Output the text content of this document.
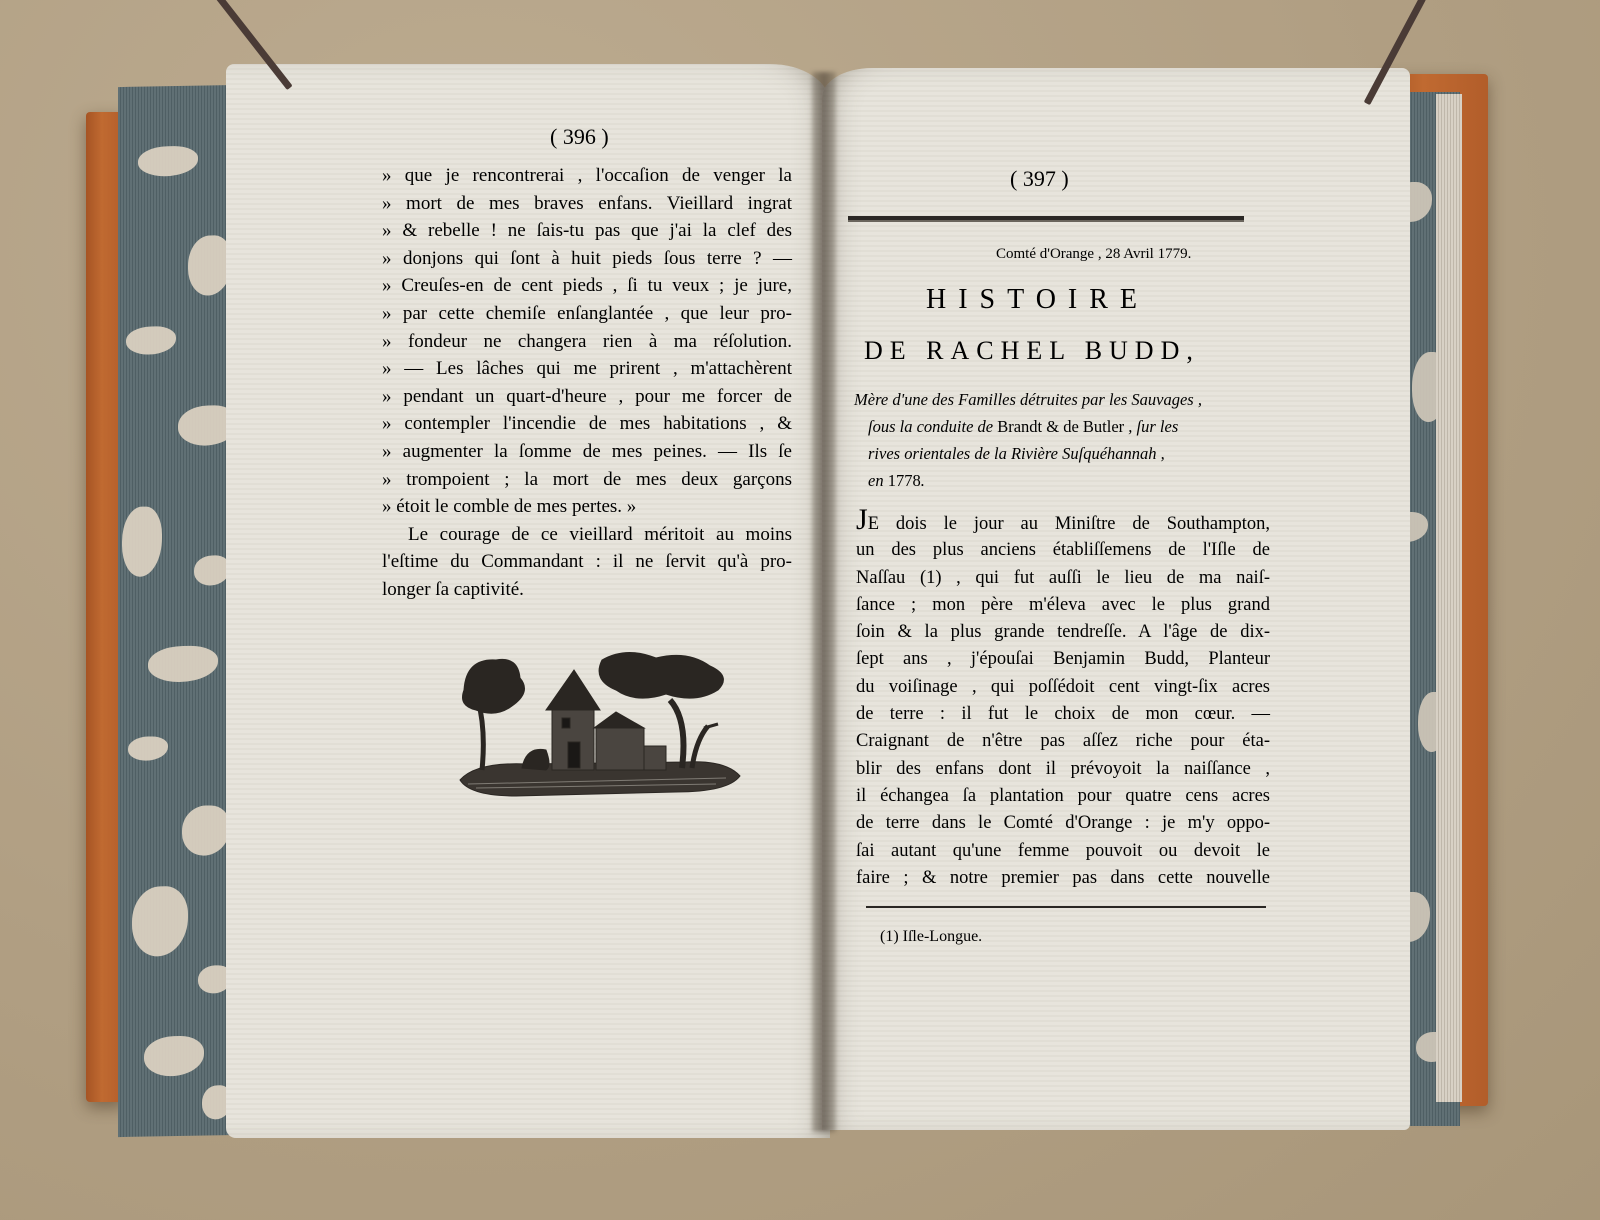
( 396 )
» que je rencontrerai , l'occaſion de venger la
» mort de mes braves enfans. Vieillard ingrat
» & rebelle ! ne ſais-tu pas que j'ai la clef des
» donjons qui ſont à huit pieds ſous terre ? —
» Creuſes-en de cent pieds , ſi tu veux ; je jure,
» par cette chemiſe enſanglantée , que leur pro-
» fondeur ne changera rien à ma réſolution.
» — Les lâches qui me prirent , m'attachèrent
» pendant un quart-d'heure , pour me forcer de
» contempler l'incendie de mes habitations , &
» augmenter la ſomme de mes peines. — Ils ſe
» trompoient ; la mort de mes deux garçons
» étoit le comble de mes pertes. »
Le courage de ce vieillard méritoit au moins
l'eſtime du Commandant : il ne ſervit qu'à pro-
longer ſa captivité.
( 397 )
Comté d'Orange , 28 Avril 1779.
HISTOIRE
DE RACHEL BUDD,
Mère d'une des Familles détruites par les Sauvages ,
ſous la conduite de Brandt & de Butler , ſur les
rives orientales de la Rivière Suſquéhannah ,
en 1778.
JE dois le jour au Miniſtre de Southampton,
un des plus anciens établiſſemens de l'Iſle de
Naſſau (1) , qui fut auſſi le lieu de ma naiſ-
ſance ; mon père m'éleva avec le plus grand
ſoin & la plus grande tendreſſe. A l'âge de dix-
ſept ans , j'épouſai Benjamin Budd, Planteur
du voiſinage , qui poſſédoit cent vingt-ſix acres
de terre : il fut le choix de mon cœur. —
Craignant de n'être pas aſſez riche pour éta-
blir des enfans dont il prévoyoit la naiſſance ,
il échangea ſa plantation pour quatre cens acres
de terre dans le Comté d'Orange : je m'y oppo-
ſai autant qu'une femme pouvoit ou devoit le
faire ; & notre premier pas dans cette nouvelle
(1) Iſle-Longue.
